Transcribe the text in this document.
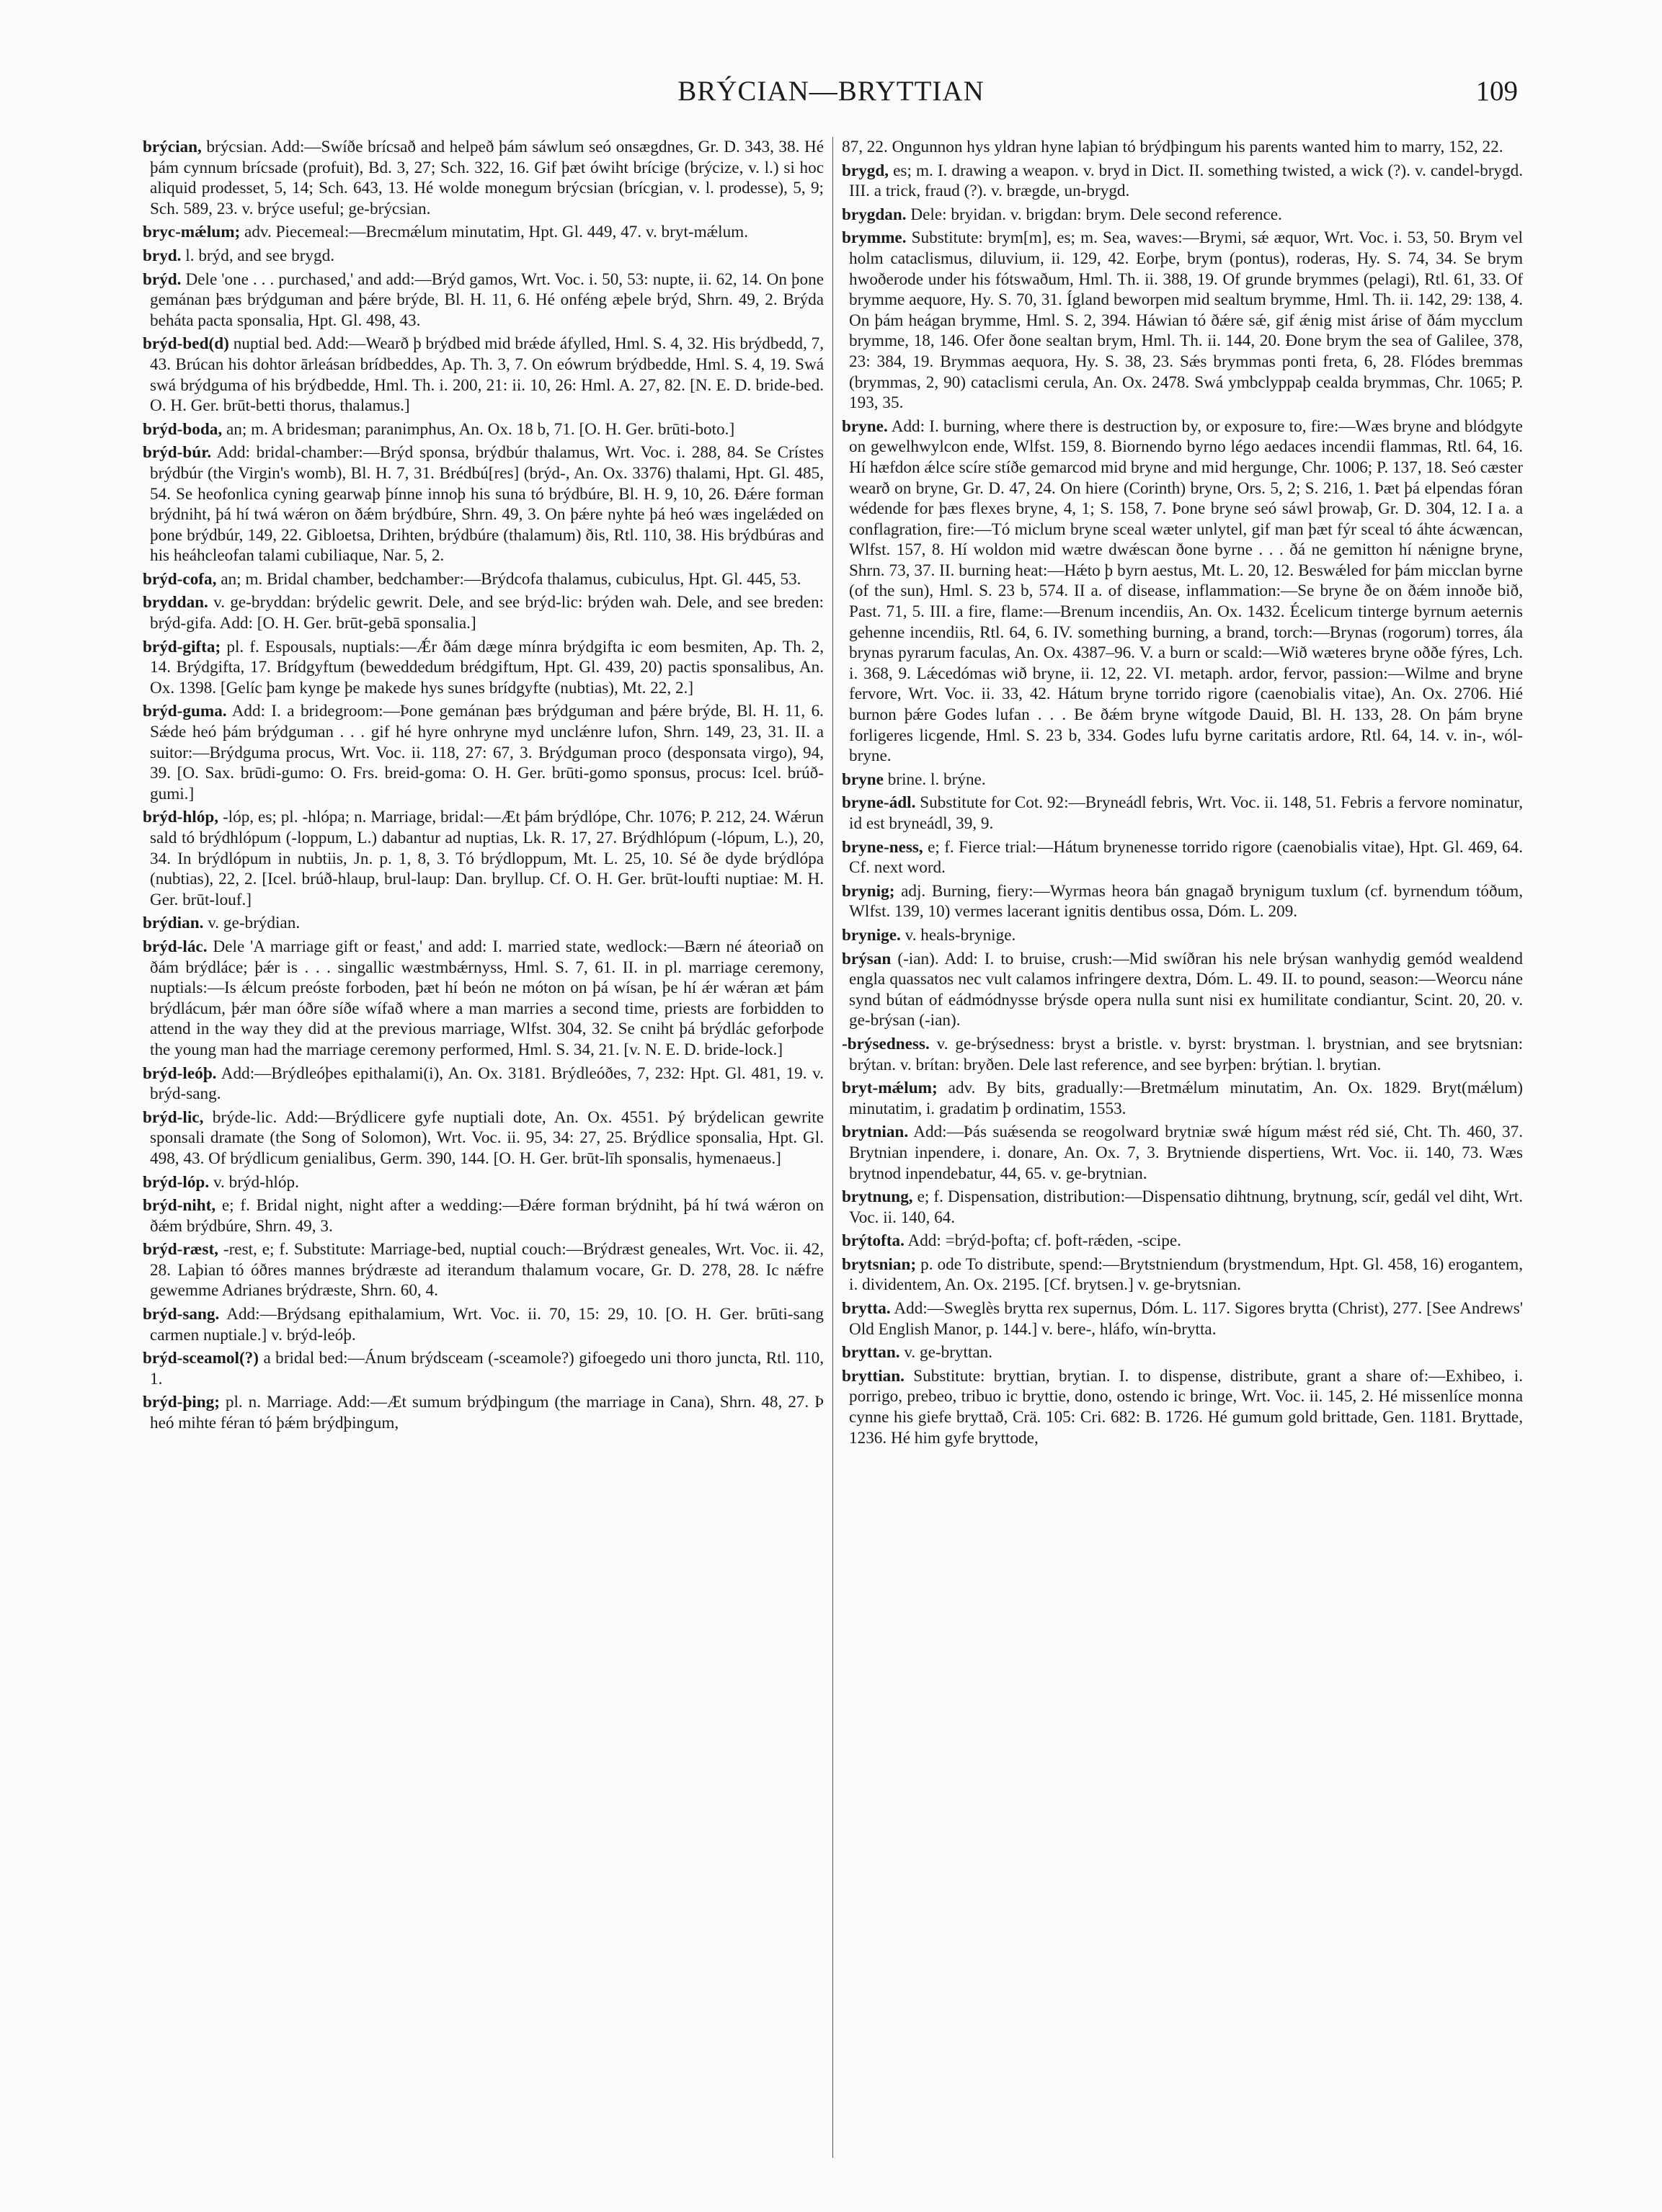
BRÝCIAN—BRYTTIAN	109

brýcian, brýcsian. Add:—Swíðe brícsað and helpeð þám sáwlum seó onsægdnes, Gr. D. 343, 38. Hé þám cynnum brícsade (profuit), Bd. 3, 27; Sch. 322, 16. Gif þæt ówiht brícige (brýcize, v. l.) si hoc aliquid prodesset, 5, 14; Sch. 643, 13. Hé wolde monegum brýcsian (brícgian, v. l. prodesse), 5, 9; Sch. 589, 23. v. brýce useful; ge-brýcsian.

bryc-mǽlum; adv. Piecemeal:—Brecmǽlum minutatim, Hpt. Gl. 449, 47. v. bryt-mǽlum.

bryd. l. brýd, and see brygd.

brýd. Dele 'one . . . purchased,' and add:—Brýd gamos, Wrt. Voc. i. 50, 53: nupte, ii. 62, 14. On þone gemánan þæs brýdguman and þǽre brýde, Bl. H. 11, 6. Hé onféng æþele brýd, Shrn. 49, 2. Brýda beháta pacta sponsalia, Hpt. Gl. 498, 43.

brýd-bed(d) nuptial bed. Add:—Wearð þ brýdbed mid brǽde áfylled, Hml. S. 4, 32. His brýdbedd, 7, 43. Brúcan his dohtor ārleásan brídbeddes, Ap. Th. 3, 7. On eówrum brýdbedde, Hml. S. 4, 19. Swá swá brýdguma of his brýdbedde, Hml. Th. i. 200, 21: ii. 10, 26: Hml. A. 27, 82. [N. E. D. bride-bed. O. H. Ger. brūt-betti thorus, thalamus.]

brýd-boda, an; m. A bridesman; paranimphus, An. Ox. 18 b, 71. [O. H. Ger. brūti-boto.]

brýd-búr. Add: bridal-chamber:—Brýd sponsa, brýdbúr thalamus, Wrt. Voc. i. 288, 84. Se Crístes brýdbúr (the Virgin's womb), Bl. H. 7, 31. Brédbú[res] (brýd-, An. Ox. 3376) thalami, Hpt. Gl. 485, 54. Se heofonlica cyning gearwaþ þínne innoþ his suna tó brýdbúre, Bl. H. 9, 10, 26. Ðǽre forman brýdniht, þá hí twá wǽron on ðǽm brýdbúre, Shrn. 49, 3. On þǽre nyhte þá heó wæs ingelǽded on þone brýdbúr, 149, 22. Gibloetsa, Drihten, brýdbúre (thalamum) ðis, Rtl. 110, 38. His brýdbúras and his heáhcleofan talami cubiliaque, Nar. 5, 2.

brýd-cofa, an; m. Bridal chamber, bedchamber:—Brýdcofa thalamus, cubiculus, Hpt. Gl. 445, 53.

bryddan. v. ge-bryddan: brýdelic gewrit. Dele, and see brýd-lic: brýden wah. Dele, and see breden: brýd-gifa. Add: [O. H. Ger. brūt-gebā sponsalia.]

brýd-gifta; pl. f. Espousals, nuptials:—Ǽr ðám dæge mínra brýdgifta ic eom besmiten, Ap. Th. 2, 14. Brýdgifta, 17. Brídgyftum (beweddedum brédgiftum, Hpt. Gl. 439, 20) pactis sponsalibus, An. Ox. 1398. [Gelíc þam kynge þe makede hys sunes brídgyfte (nubtias), Mt. 22, 2.]

brýd-guma. Add: I. a bridegroom:—Þone gemánan þæs brýdguman and þǽre brýde, Bl. H. 11, 6. Sǽde heó þám brýdguman . . . gif hé hyre onhryne myd unclǽnre lufon, Shrn. 149, 23, 31. II. a suitor:—Brýdguma procus, Wrt. Voc. ii. 118, 27: 67, 3. Brýdguman proco (desponsata virgo), 94, 39. [O. Sax. brūdi-gumo: O. Frs. breid-goma: O. H. Ger. brūti-gomo sponsus, procus: Icel. brúð-gumi.]

brýd-hlóp, -lóp, es; pl. -hlópa; n. Marriage, bridal:—Æt þám brýdlópe, Chr. 1076; P. 212, 24. Wǽrun sald tó brýdhlópum (-loppum, L.) dabantur ad nuptias, Lk. R. 17, 27. Brýdhlópum (-lópum, L.), 20, 34. In brýdlópum in nubtiis, Jn. p. 1, 8, 3. Tó brýdloppum, Mt. L. 25, 10. Sé ðe dyde brýdlópa (nubtias), 22, 2. [Icel. brúð-hlaup, brul-laup: Dan. bryllup. Cf. O. H. Ger. brūt-loufti nuptiae: M. H. Ger. brūt-louf.]

brýdian. v. ge-brýdian.

brýd-lác. Dele 'A marriage gift or feast,' and add: I. married state, wedlock:—Bærn né áteoriað on ðám brýdláce; þǽr is . . . singallic wæstmbǽrnyss, Hml. S. 7, 61. II. in pl. marriage ceremony, nuptials:—Is ǽlcum preóste forboden, þæt hí beón ne móton on þá wísan, þe hí ǽr wǽran æt þám brýdlácum, þǽr man óðre síðe wífað where a man marries a second time, priests are forbidden to attend in the way they did at the previous marriage, Wlfst. 304, 32. Se cniht þá brýdlác geforþode the young man had the marriage ceremony performed, Hml. S. 34, 21. [v. N. E. D. bride-lock.]

brýd-leóþ. Add:—Brýdleóþes epithalami(i), An. Ox. 3181. Brýdleóðes, 7, 232: Hpt. Gl. 481, 19. v. brýd-sang.

brýd-lic, brýde-lic. Add:—Brýdlicere gyfe nuptiali dote, An. Ox. 4551. Þý brýdelican gewrite sponsali dramate (the Song of Solomon), Wrt. Voc. ii. 95, 34: 27, 25. Brýdlice sponsalia, Hpt. Gl. 498, 43. Of brýdlicum genialibus, Germ. 390, 144. [O. H. Ger. brūt-līh sponsalis, hymenaeus.]

brýd-lóp. v. brýd-hlóp.

brýd-niht, e; f. Bridal night, night after a wedding:—Ðǽre forman brýdniht, þá hí twá wǽron on ðǽm brýdbúre, Shrn. 49, 3.

brýd-ræst, -rest, e; f. Substitute: Marriage-bed, nuptial couch:—Brýdræst geneales, Wrt. Voc. ii. 42, 28. Laþian tó óðres mannes brýdræste ad iterandum thalamum vocare, Gr. D. 278, 28. Ic nǽfre gewemme Adrianes brýdræste, Shrn. 60, 4.

brýd-sang. Add:—Brýdsang epithalamium, Wrt. Voc. ii. 70, 15: 29, 10. [O. H. Ger. brūti-sang carmen nuptiale.] v. brýd-leóþ.

brýd-sceamol(?) a bridal bed:—Ánum brýdsceam (-sceamole?) gifoegedo uni thoro juncta, Rtl. 110, 1.

brýd-þing; pl. n. Marriage. Add:—Æt sumum brýdþingum (the marriage in Cana), Shrn. 48, 27. Þ heó mihte féran tó þǽm brýdþingum,

87, 22. Ongunnon hys yldran hyne laþian tó brýdþingum his parents wanted him to marry, 152, 22.

brygd, es; m. I. drawing a weapon. v. bryd in Dict. II. something twisted, a wick (?). v. candel-brygd. III. a trick, fraud (?). v. brægde, un-brygd.

brygdan. Dele: bryidan. v. brigdan: brym. Dele second reference.

brymme. Substitute: brym[m], es; m. Sea, waves:—Brymi, sǽ æquor, Wrt. Voc. i. 53, 50. Brym vel holm cataclismus, diluvium, ii. 129, 42. Eorþe, brym (pontus), roderas, Hy. S. 74, 34. Se brym hwoðerode under his fótswaðum, Hml. Th. ii. 388, 19. Of grunde brymmes (pelagi), Rtl. 61, 33. Of brymme aequore, Hy. S. 70, 31. Ígland beworpen mid sealtum brymme, Hml. Th. ii. 142, 29: 138, 4. On þám heágan brymme, Hml. S. 2, 394. Háwian tó ðǽre sǽ, gif ǽnig mist árise of ðám mycclum brymme, 18, 146. Ofer ðone sealtan brym, Hml. Th. ii. 144, 20. Ðone brym the sea of Galilee, 378, 23: 384, 19. Brymmas aequora, Hy. S. 38, 23. Sǽs brymmas ponti freta, 6, 28. Flódes bremmas (brymmas, 2, 90) cataclismi cerula, An. Ox. 2478. Swá ymbclyppaþ cealda brymmas, Chr. 1065; P. 193, 35.

bryne. Add: I. burning, where there is destruction by, or exposure to, fire:—Wæs bryne and blódgyte on gewelhwylcon ende, Wlfst. 159, 8. Biornendo byrno légo aedaces incendii flammas, Rtl. 64, 16. Hí hæfdon ǽlce scíre stíðe gemarcod mid bryne and mid hergunge, Chr. 1006; P. 137, 18. Seó cæster wearð on bryne, Gr. D. 47, 24. On hiere (Corinth) bryne, Ors. 5, 2; S. 216, 1. Þæt þá elpendas fóran wédende for þæs flexes bryne, 4, 1; S. 158, 7. Þone bryne seó sáwl þrowaþ, Gr. D. 304, 12. I a. a conflagration, fire:—Tó miclum bryne sceal wæter unlytel, gif man þæt fýr sceal tó áhte ácwæncan, Wlfst. 157, 8. Hí woldon mid wætre dwǽscan ðone byrne . . . ðá ne gemitton hí nǽnigne bryne, Shrn. 73, 37. II. burning heat:—Hǽto þ byrn aestus, Mt. L. 20, 12. Beswǽled for þám micclan byrne (of the sun), Hml. S. 23 b, 574. II a. of disease, inflammation:—Se bryne ðe on ðǽm innoðe bið, Past. 71, 5. III. a fire, flame:—Brenum incendiis, An. Ox. 1432. Écelicum tinterge byrnum aeternis gehenne incendiis, Rtl. 64, 6. IV. something burning, a brand, torch:—Brynas (rogorum) torres, ála brynas pyrarum faculas, An. Ox. 4387–96. V. a burn or scald:—Wið wæteres bryne oððe fýres, Lch. i. 368, 9. Lǽcedómas wið bryne, ii. 12, 22. VI. metaph. ardor, fervor, passion:—Wilme and bryne fervore, Wrt. Voc. ii. 33, 42. Hátum bryne torrido rigore (caenobialis vitae), An. Ox. 2706. Hié burnon þǽre Godes lufan . . . Be ðǽm bryne wítgode Dauid, Bl. H. 133, 28. On þám bryne forligeres licgende, Hml. S. 23 b, 334. Godes lufu byrne caritatis ardore, Rtl. 64, 14. v. in-, wól-bryne.

bryne brine. l. brýne.

bryne-ádl. Substitute for Cot. 92:—Bryneádl febris, Wrt. Voc. ii. 148, 51. Febris a fervore nominatur, id est bryneádl, 39, 9.

bryne-ness, e; f. Fierce trial:—Hátum brynenesse torrido rigore (caenobialis vitae), Hpt. Gl. 469, 64. Cf. next word.

brynig; adj. Burning, fiery:—Wyrmas heora bán gnagað brynigum tuxlum (cf. byrnendum tóðum, Wlfst. 139, 10) vermes lacerant ignitis dentibus ossa, Dóm. L. 209.

brynige. v. heals-brynige.

brýsan (-ian). Add: I. to bruise, crush:—Mid swíðran his nele brýsan wanhydig gemód wealdend engla quassatos nec vult calamos infringere dextra, Dóm. L. 49. II. to pound, season:—Weorcu náne synd bútan of eádmódnysse brýsde opera nulla sunt nisi ex humilitate condiantur, Scint. 20, 20. v. ge-brýsan (-ian).

-brýsedness. v. ge-brýsedness: bryst a bristle. v. byrst: brystman. l. brystnian, and see brytsnian: brýtan. v. brítan: bryðen. Dele last reference, and see byrþen: brýtian. l. brytian.

bryt-mǽlum; adv. By bits, gradually:—Bretmǽlum minutatim, An. Ox. 1829. Bryt(mǽlum) minutatim, i. gradatim þ ordinatim, 1553.

brytnian. Add:—Þás suǽsenda se reogolward brytniæ swǽ hígum mǽst réd sié, Cht. Th. 460, 37. Brytnian inpendere, i. donare, An. Ox. 7, 3. Brytniende dispertiens, Wrt. Voc. ii. 140, 73. Wæs brytnod inpendebatur, 44, 65. v. ge-brytnian.

brytnung, e; f. Dispensation, distribution:—Dispensatio dihtnung, brytnung, scír, gedál vel diht, Wrt. Voc. ii. 140, 64.

brýtofta. Add: =brýd-þofta; cf. þoft-rǽden, -scipe.

brytsnian; p. ode To distribute, spend:—Brytstniendum (brystmendum, Hpt. Gl. 458, 16) erogantem, i. dividentem, An. Ox. 2195. [Cf. brytsen.] v. ge-brytsnian.

brytta. Add:—Sweglès brytta rex supernus, Dóm. L. 117. Sigores brytta (Christ), 277. [See Andrews' Old English Manor, p. 144.] v. bere-, hláfo, wín-brytta.

bryttan. v. ge-bryttan.

bryttian. Substitute: bryttian, brytian. I. to dispense, distribute, grant a share of:—Exhibeo, i. porrigo, prebeo, tribuo ic bryttie, dono, ostendo ic bringe, Wrt. Voc. ii. 145, 2. Hé missenlíce monna cynne his giefe bryttað, Crä. 105: Cri. 682: B. 1726. Hé gumum gold brittade, Gen. 1181. Bryttade, 1236. Hé him gyfe bryttode,
